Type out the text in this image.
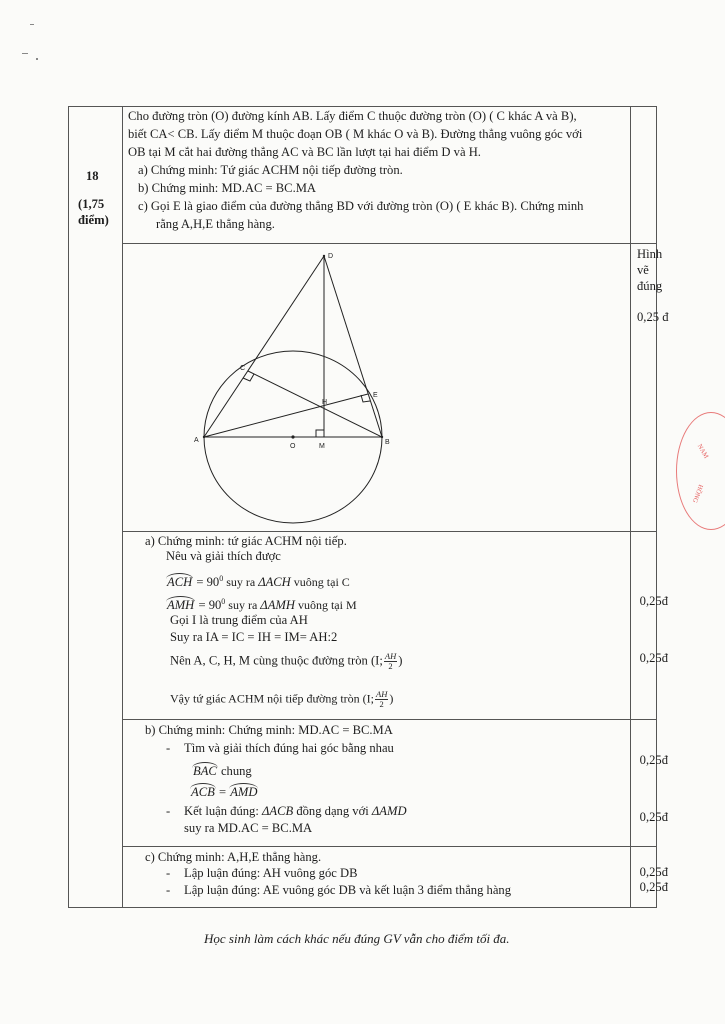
18
(1,75
điểm)
Cho đường tròn (O) đường kính AB. Lấy điểm C thuộc đường tròn (O) ( C khác A và B),
biết CA< CB. Lấy điểm M thuộc đoạn OB ( M khác O và B). Đường thẳng vuông góc với
OB tại M cắt hai đường thẳng AC và BC lần lượt tại hai điểm D và H.
a) Chứng minh: Tứ giác ACHM nội tiếp đường tròn.
b) Chứng minh: MD.AC = BC.MA
c) Gọi E là giao điểm của đường thẳng BD với đường tròn (O) ( E khác B). Chứng minh
rằng A,H,E thẳng hàng.
D
C
E
H
A	B
O	M
Hình
vẽ
đúng
0,25 đ
a) Chứng minh: tứ giác ACHM nội tiếp.
Nêu và giải thích được
ACH = $90^0$ suy ra ΔACH vuông tại C
AMH = $90^0$ suy ra ΔAMH vuông tại M
Gọi I là trung điểm của AH
Suy ra IA = IC = IH = IM= AH:2
Nên A, C, H, M cùng thuộc đường tròn (I; $\frac{AH}{2}$ )
Vậy tứ giác ACHM nội tiếp đường tròn (I; $\frac{AH}{2}$ )
0,25đ
0,25đ
b) Chứng minh: Chứng minh: MD.AC = BC.MA
- Tìm và giải thích đúng hai góc bằng nhau
BAC chung
ACB = AMD
- Kết luận đúng: ΔACB đồng dạng với ΔAMD
suy ra MD.AC = BC.MA
0,25đ
0,25đ
c) Chứng minh: A,H,E thẳng hàng.
- Lập luận đúng: AH vuông góc DB
- Lập luận đúng: AE vuông góc DB và kết luận 3 điểm thẳng hàng
0,25đ
0,25đ
Học sinh làm cách khác nếu đúng GV vẫn cho điểm tối đa.
NAM
HỒNG
